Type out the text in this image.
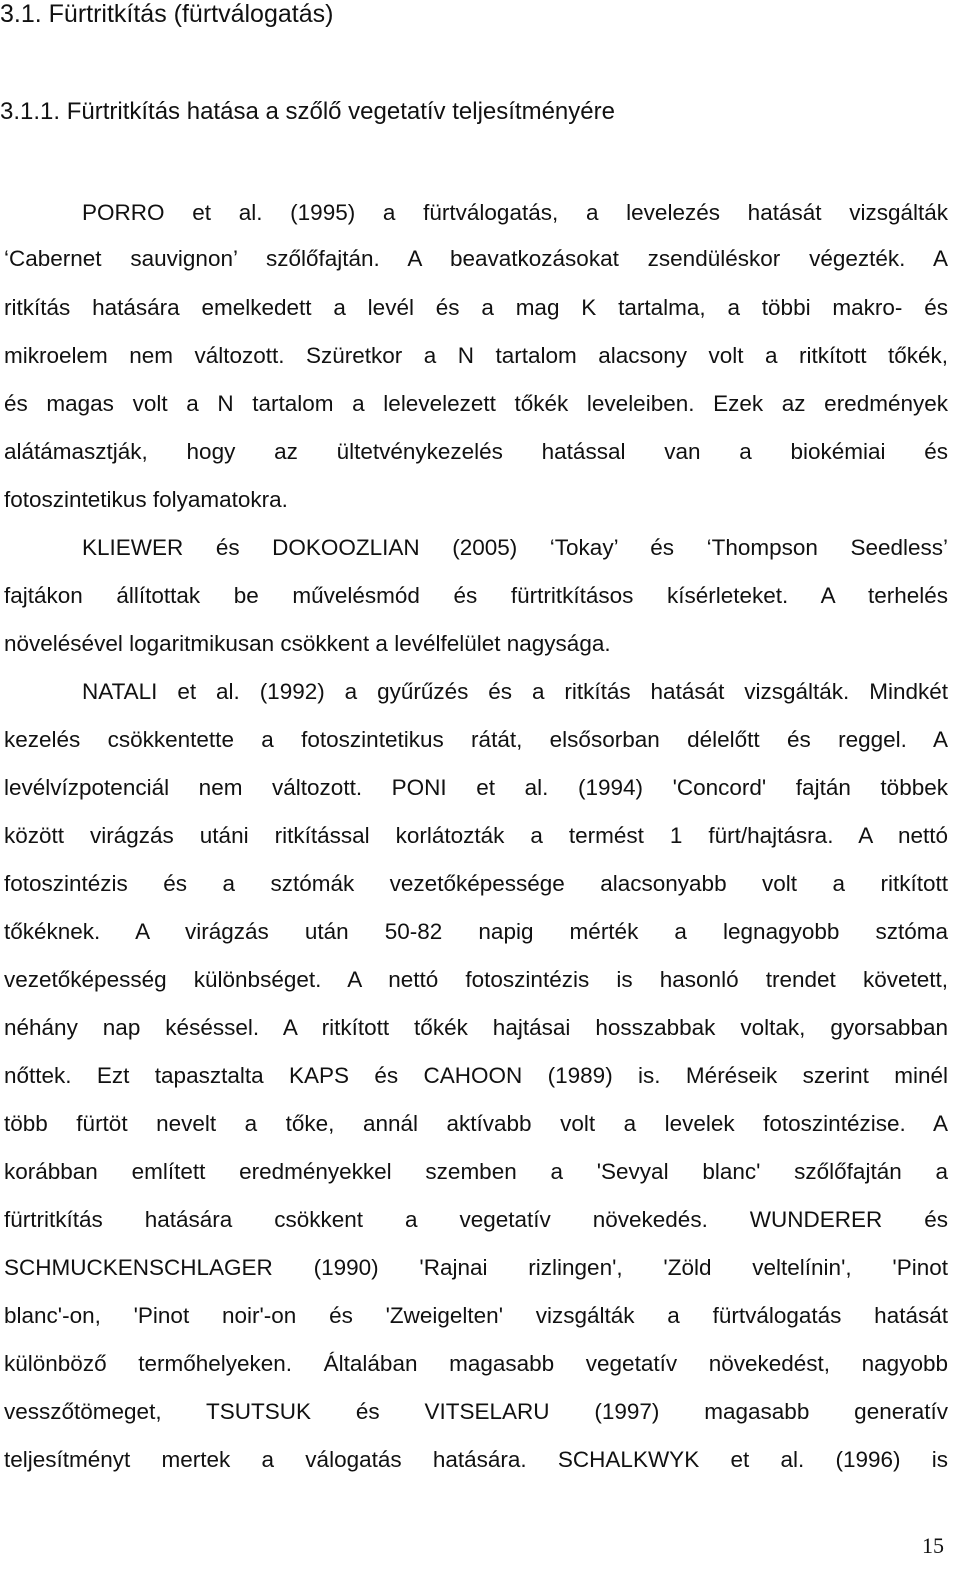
3.1. Fürtritkítás (fürtválogatás)
3.1.1. Fürtritkítás hatása a szőlő vegetatív teljesítményére
PORRO et al. (1995) a fürtválogatás, a levelezés hatását vizsgálták
‘Cabernet sauvignon’ szőlőfajtán. A beavatkozásokat zsendüléskor végezték. A
ritkítás hatására emelkedett a levél és a mag K tartalma, a többi makro- és
mikroelem nem változott. Szüretkor a N tartalom alacsony volt a ritkított tőkék,
és magas volt a N tartalom a lelevelezett tőkék leveleiben. Ezek az eredmények
alátámasztják, hogy az ültetvénykezelés hatással van a biokémiai és
fotoszintetikus folyamatokra.
KLIEWER és DOKOOZLIAN (2005) ‘Tokay’ és ‘Thompson Seedless’
fajtákon állítottak be művelésmód és fürtritkításos kísérleteket. A terhelés
növelésével logaritmikusan csökkent a levélfelület nagysága.
NATALI et al. (1992) a gyűrűzés és a ritkítás hatását vizsgálták. Mindkét
kezelés csökkentette a fotoszintetikus rátát, elsősorban délelőtt és reggel. A
levélvízpotenciál nem változott. PONI et al. (1994) 'Concord' fajtán többek
között virágzás utáni ritkítással korlátozták a termést 1 fürt/hajtásra. A nettó
fotoszintézis és a sztómák vezetőképessége alacsonyabb volt a ritkított
tőkéknek. A virágzás után 50-82 napig mérték a legnagyobb sztóma
vezetőképesség különbséget. A nettó fotoszintézis is hasonló trendet követett,
néhány nap késéssel. A ritkított tőkék hajtásai hosszabbak voltak, gyorsabban
nőttek. Ezt tapasztalta KAPS és CAHOON (1989) is. Méréseik szerint minél
több fürtöt nevelt a tőke, annál aktívabb volt a levelek fotoszintézise. A
korábban említett eredményekkel szemben a 'Sevyal blanc' szőlőfajtán a
fürtritkítás hatására csökkent a vegetatív növekedés. WUNDERER és
SCHMUCKENSCHLAGER (1990) 'Rajnai rizlingen', 'Zöld veltelínin', 'Pinot
blanc'-on, 'Pinot noir'-on és 'Zweigelten' vizsgálták a fürtválogatás hatását
különböző termőhelyeken. Általában magasabb vegetatív növekedést, nagyobb
vesszőtömeget, TSUTSUK és VITSELARU (1997) magasabb generatív
teljesítményt mertek a válogatás hatására. SCHALKWYK et al. (1996) is
15
